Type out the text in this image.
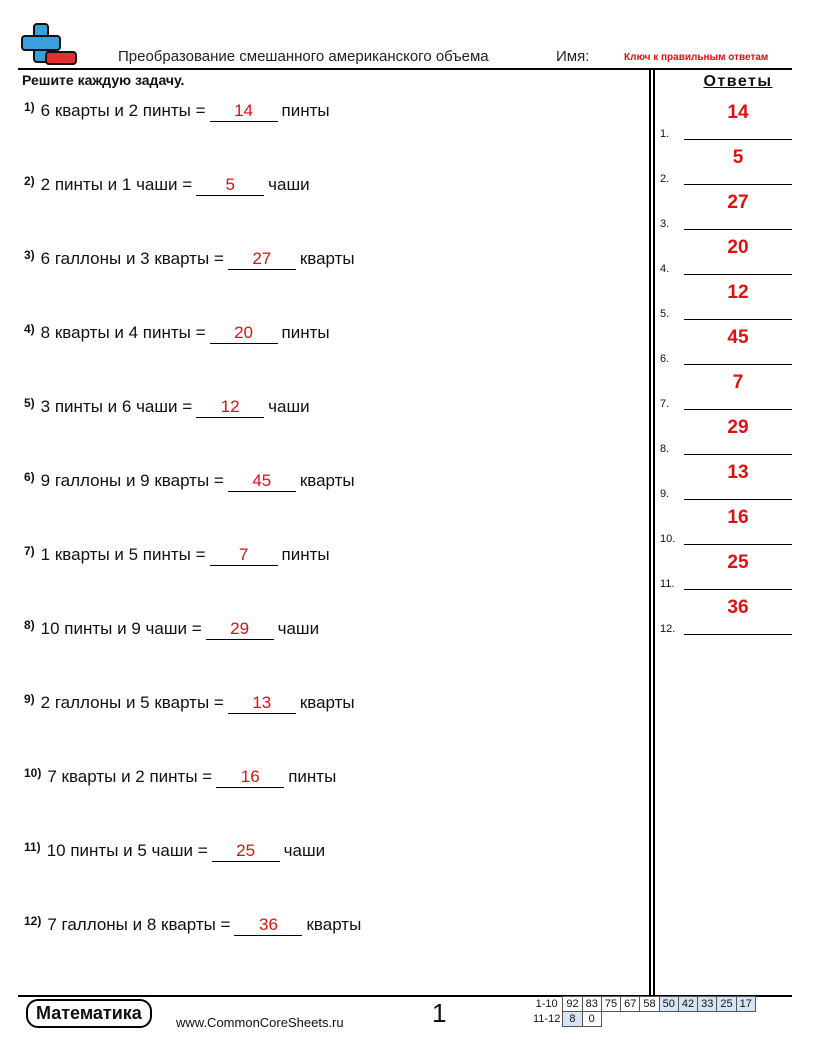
Преобразование смешанного американского объема	Имя:	Ключ к правильным ответам
Решите каждую задачу.	Ответы
1) 6 кварты и 2 пинты = 14 пинты
2) 2 пинты и 1 чаши = 5 чаши
3) 6 галлоны и 3 кварты = 27 кварты
4) 8 кварты и 4 пинты = 20 пинты
5) 3 пинты и 6 чаши = 12 чаши
6) 9 галлоны и 9 кварты = 45 кварты
7) 1 кварты и 5 пинты = 7 пинты
8) 10 пинты и 9 чаши = 29 чаши
9) 2 галлоны и 5 кварты = 13 кварты
10) 7 кварты и 2 пинты = 16 пинты
11) 10 пинты и 5 чаши = 25 чаши
12) 7 галлоны и 8 кварты = 36 кварты
1.
14
2.
5
3.
27
4.
20
5.
12
6.
45
7.
7
8.
29
9.
13
10.
16
11.
25
12.
36
Математика	www.CommonCoreSheets.ru	1	1-10	92	83	75	67	58	50	42	33	25	17
11-12	8	0								
